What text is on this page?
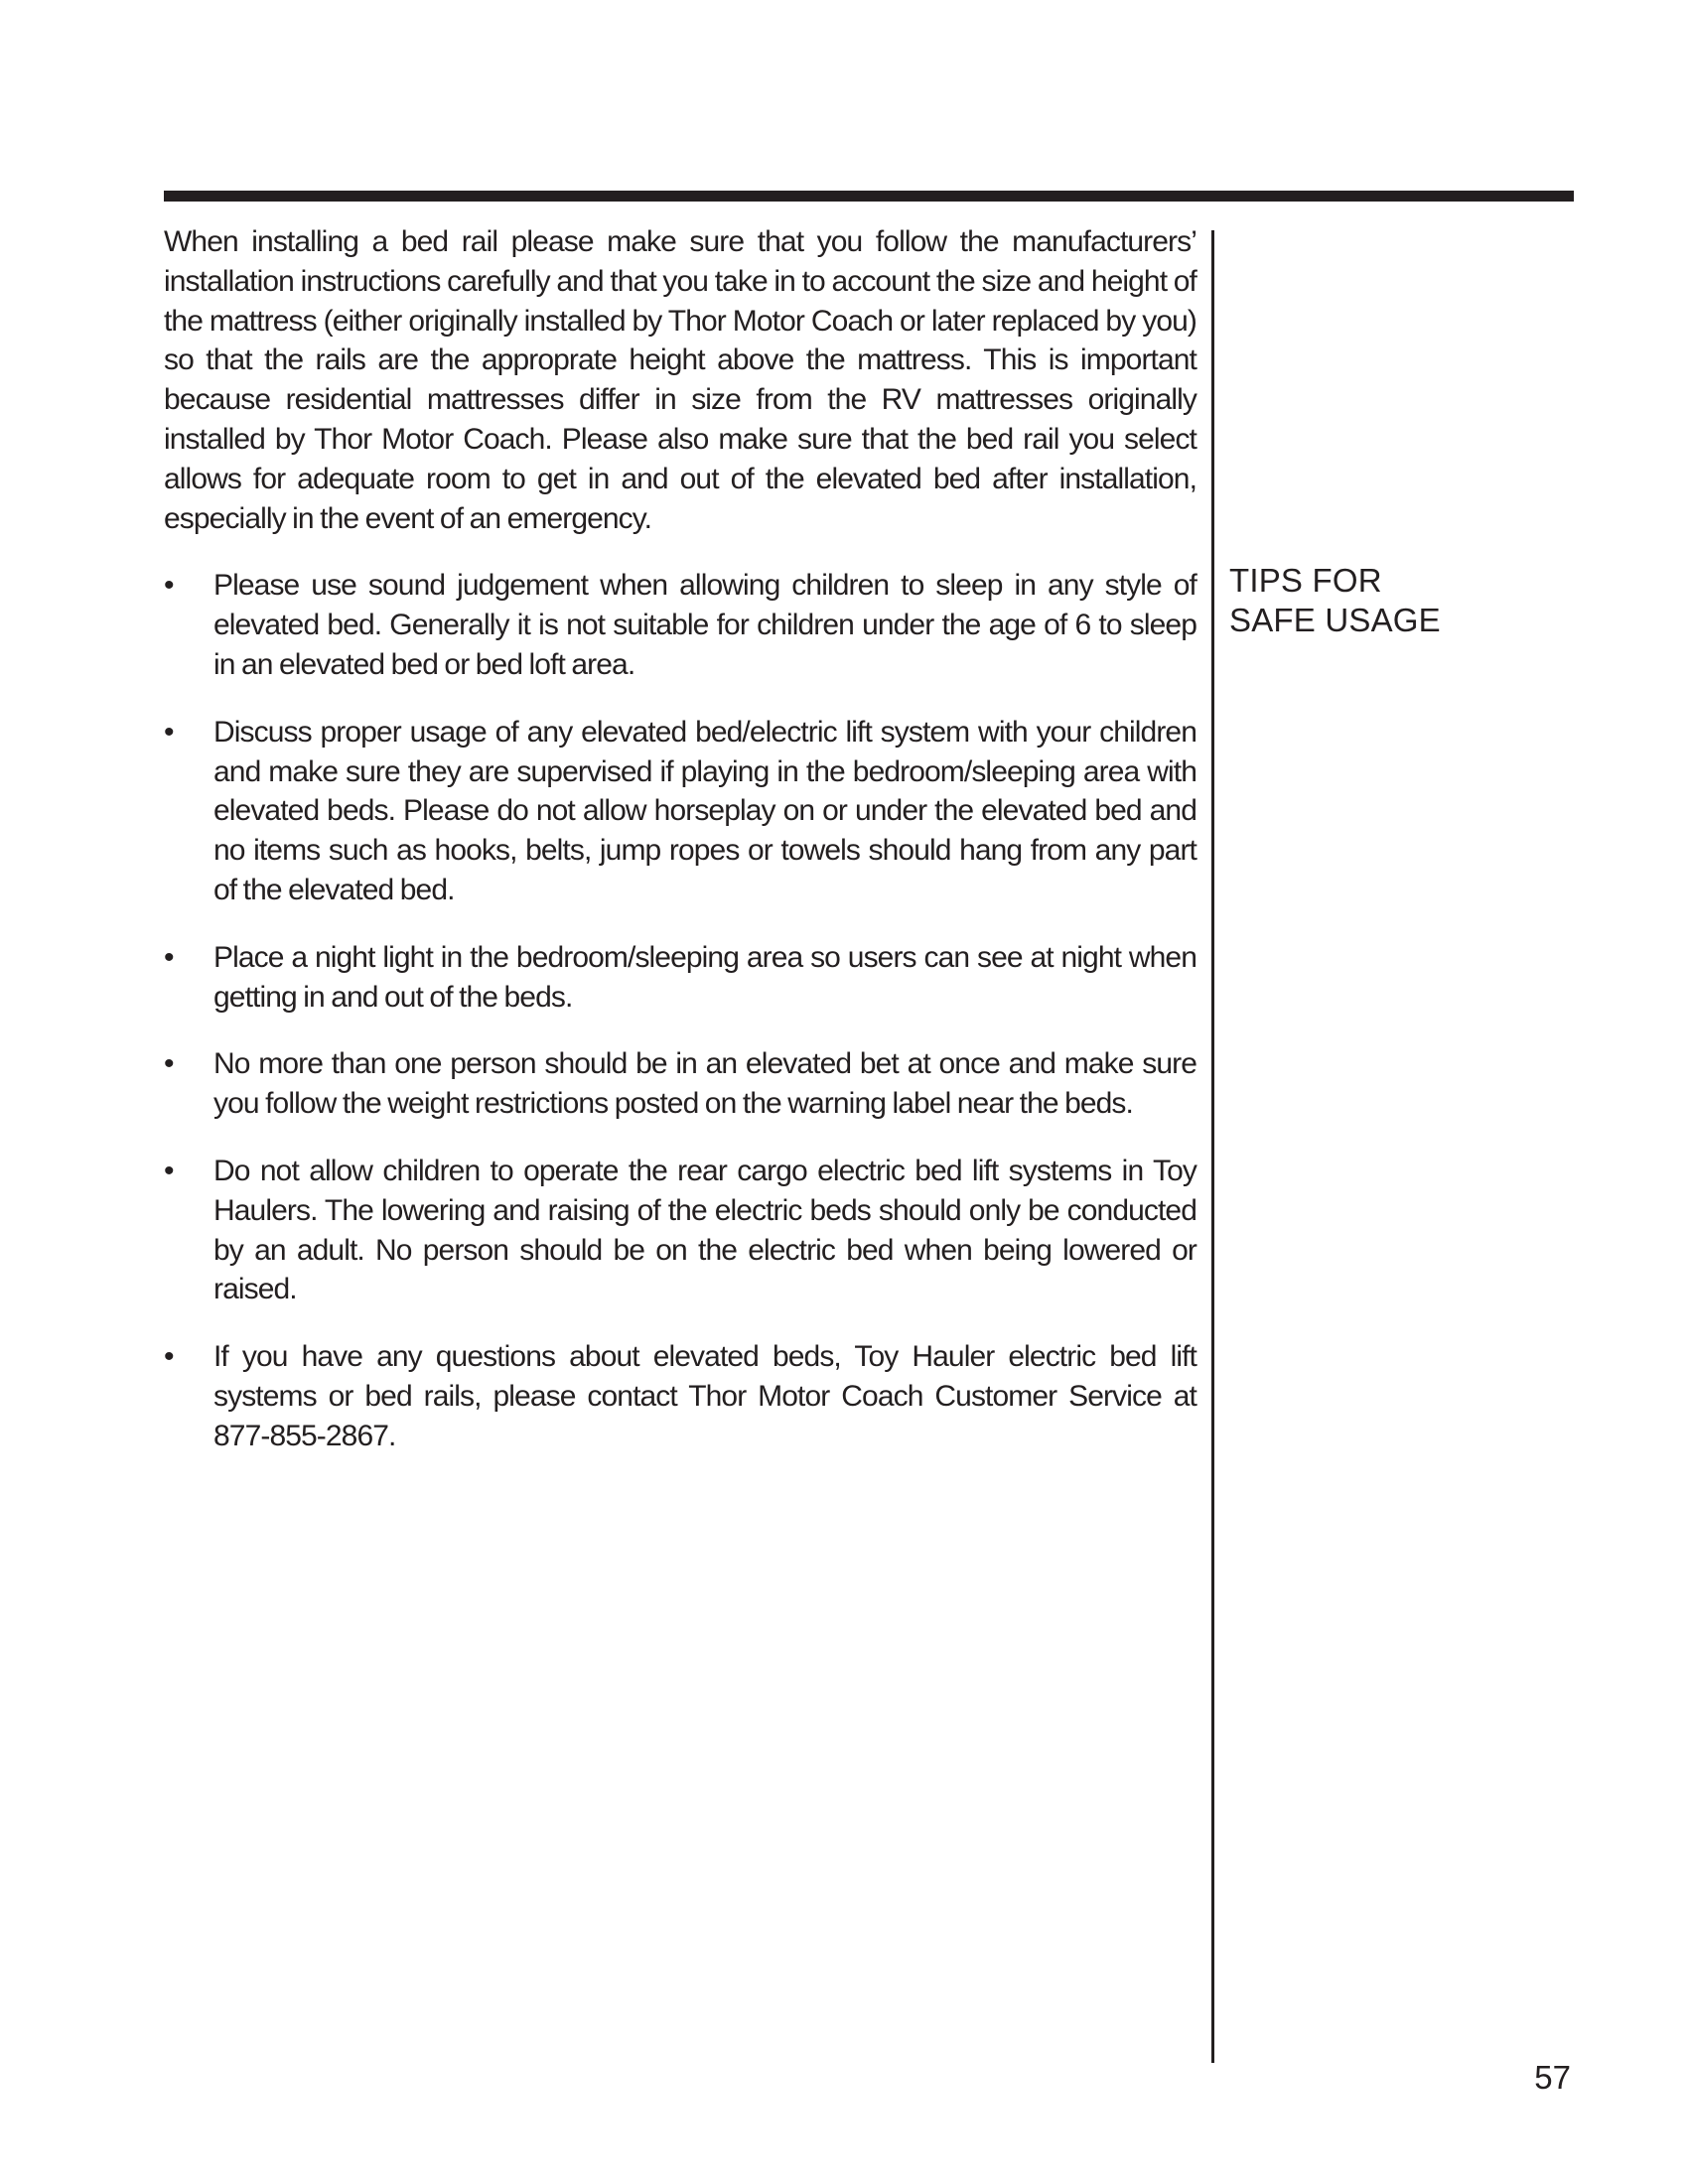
When installing a bed rail please make sure that you follow the manufacturers’ installation instructions carefully and that you take in to account the size and height of the mattress (either originally installed by Thor Motor Coach or later replaced by you) so that the rails are the approprate height above the mattress. This is important because residential mattresses differ in size from the RV mattresses originally installed by Thor Motor Coach. Please also make sure that the bed rail you select allows for adequate room to get in and out of the elevated bed after installation, especially in the event of an emergency.

• Please use sound judgement when allowing children to sleep in any style of elevated bed. Generally it is not suitable for children under the age of 6 to sleep in an elevated bed or bed loft area.
• Discuss proper usage of any elevated bed/electric lift system with your children and make sure they are supervised if playing in the bedroom/sleeping area with elevated beds. Please do not allow horseplay on or under the elevated bed and no items such as hooks, belts, jump ropes or towels should hang from any part of the elevated bed.
• Place a night light in the bedroom/sleeping area so users can see at night when getting in and out of the beds.
• No more than one person should be in an elevated bet at once and make sure you follow the weight restrictions posted on the warning label near the beds.
• Do not allow children to operate the rear cargo electric bed lift systems in Toy Haulers. The lowering and raising of the electric beds should only be conducted by an adult. No person should be on the electric bed when being lowered or raised.
• If you have any questions about elevated beds, Toy Hauler electric bed lift systems or bed rails, please contact Thor Motor Coach Customer Service at 877-855-2867.
TIPS FOR SAFE USAGE
57
